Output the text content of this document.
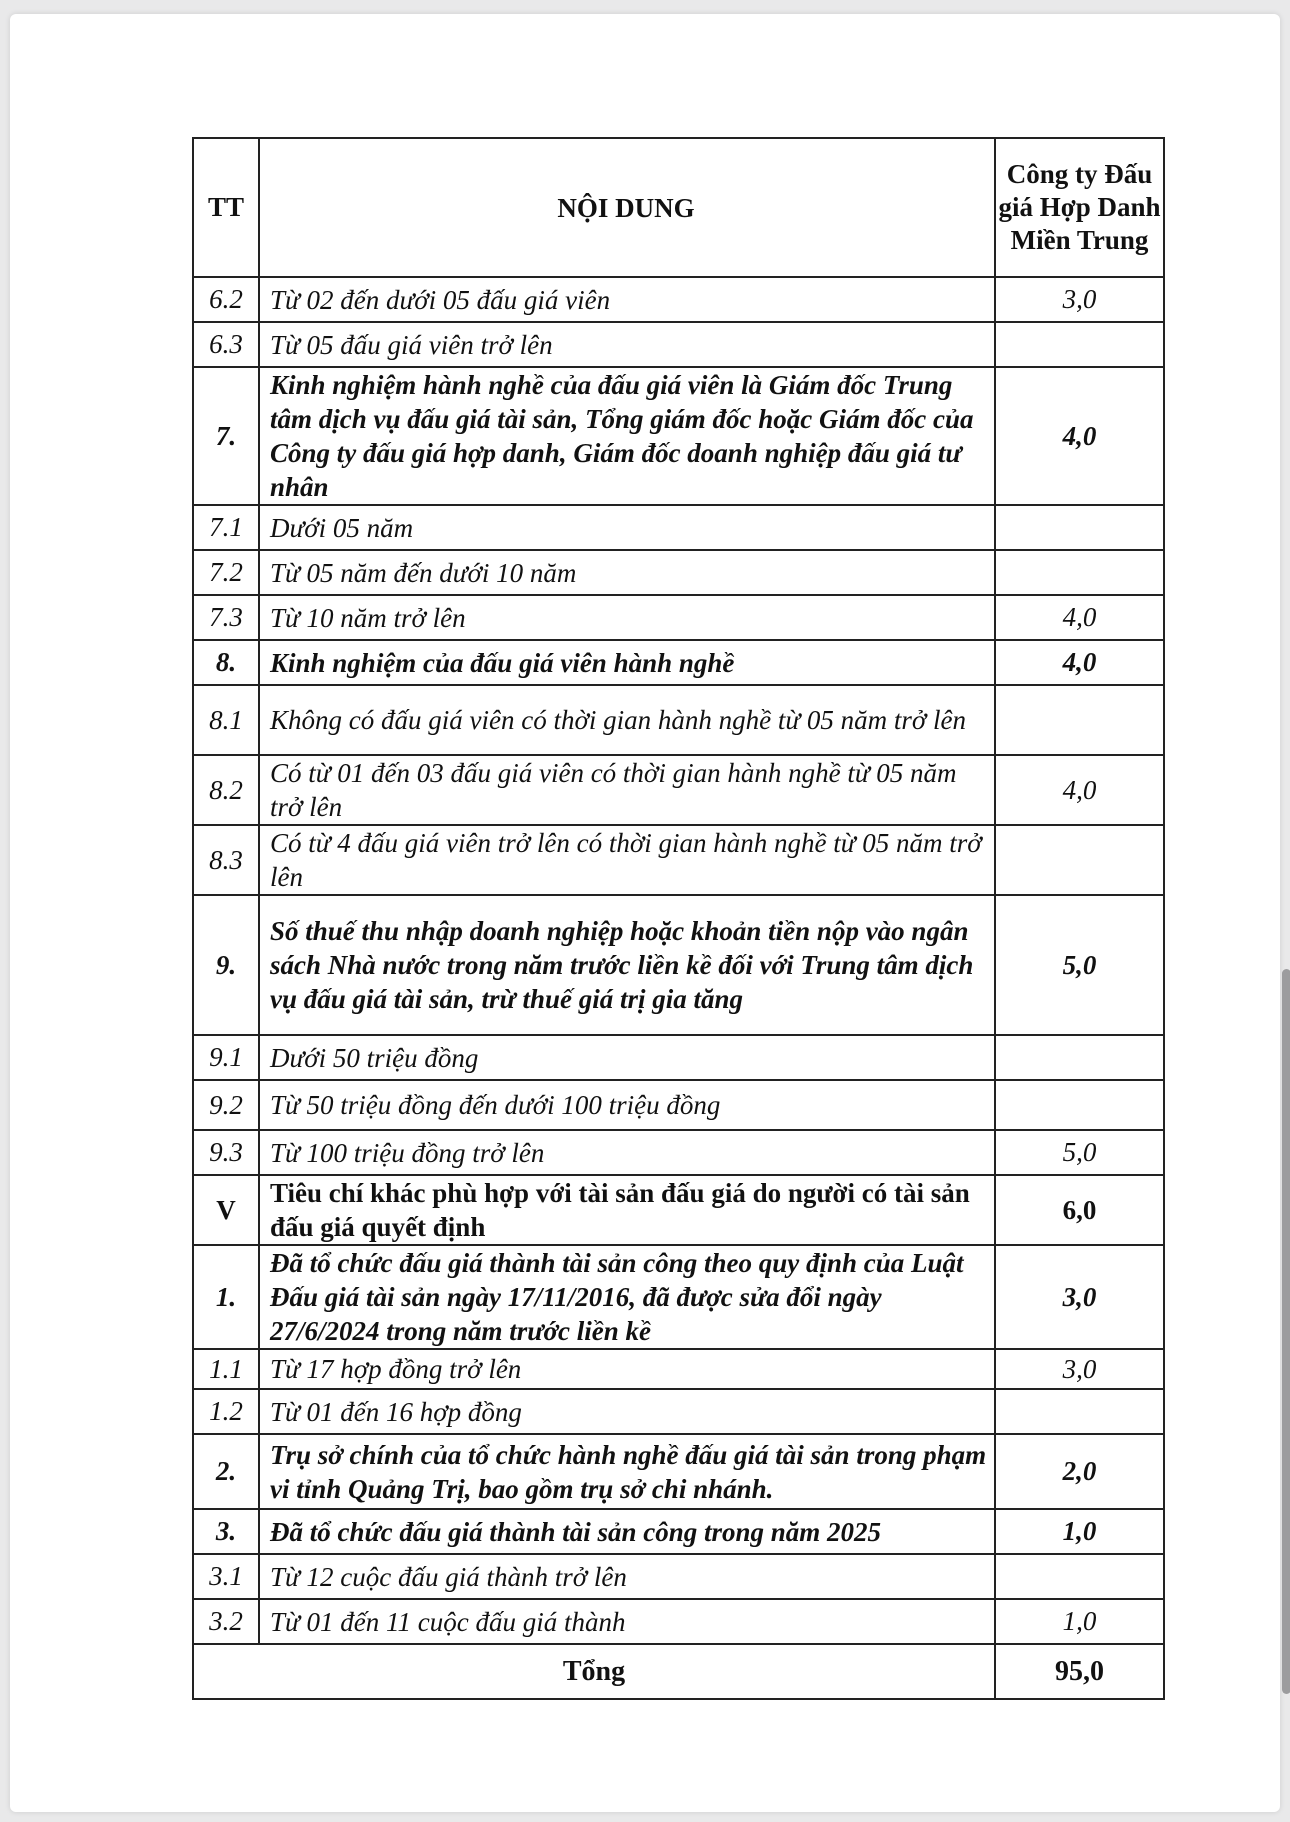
TT	NỘI DUNG	Công ty Đấu giá Hợp Danh Miền Trung
6.2	Từ 02 đến dưới 05 đấu giá viên	3,0
6.3	Từ 05 đấu giá viên trở lên	
7.	Kinh nghiệm hành nghề của đấu giá viên là Giám đốc Trung tâm dịch vụ đấu giá tài sản, Tổng giám đốc hoặc Giám đốc của Công ty đấu giá hợp danh, Giám đốc doanh nghiệp đấu giá tư nhân	4,0
7.1	Dưới 05 năm	
7.2	Từ 05 năm đến dưới 10 năm	
7.3	Từ 10 năm trở lên	4,0
8.	Kinh nghiệm của đấu giá viên hành nghề	4,0
8.1	Không có đấu giá viên có thời gian hành nghề từ 05 năm trở lên	
8.2	Có từ 01 đến 03 đấu giá viên có thời gian hành nghề từ 05 năm trở lên	4,0
8.3	Có từ 4 đấu giá viên trở lên có thời gian hành nghề từ 05 năm trở lên	
9.	Số thuế thu nhập doanh nghiệp hoặc khoản tiền nộp vào ngân sách Nhà nước trong năm trước liền kề đối với Trung tâm dịch vụ đấu giá tài sản, trừ thuế giá trị gia tăng	5,0
9.1	Dưới 50 triệu đồng	
9.2	Từ 50 triệu đồng đến dưới 100 triệu đồng	
9.3	Từ 100 triệu đồng trở lên	5,0
V	Tiêu chí khác phù hợp với tài sản đấu giá do người có tài sản đấu giá quyết định	6,0
1.	Đã tổ chức đấu giá thành tài sản công theo quy định của Luật Đấu giá tài sản ngày 17/11/2016, đã được sửa đổi ngày 27/6/2024 trong năm trước liền kề	3,0
1.1	Từ 17 hợp đồng trở lên	3,0
1.2	Từ 01 đến 16 hợp đồng	
2.	Trụ sở chính của tổ chức hành nghề đấu giá tài sản trong phạm vi tỉnh Quảng Trị, bao gồm trụ sở chi nhánh.	2,0
3.	Đã tổ chức đấu giá thành tài sản công trong năm 2025	1,0
3.1	Từ 12 cuộc đấu giá thành trở lên	
3.2	Từ 01 đến 11 cuộc đấu giá thành	1,0
Tổng		95,0
